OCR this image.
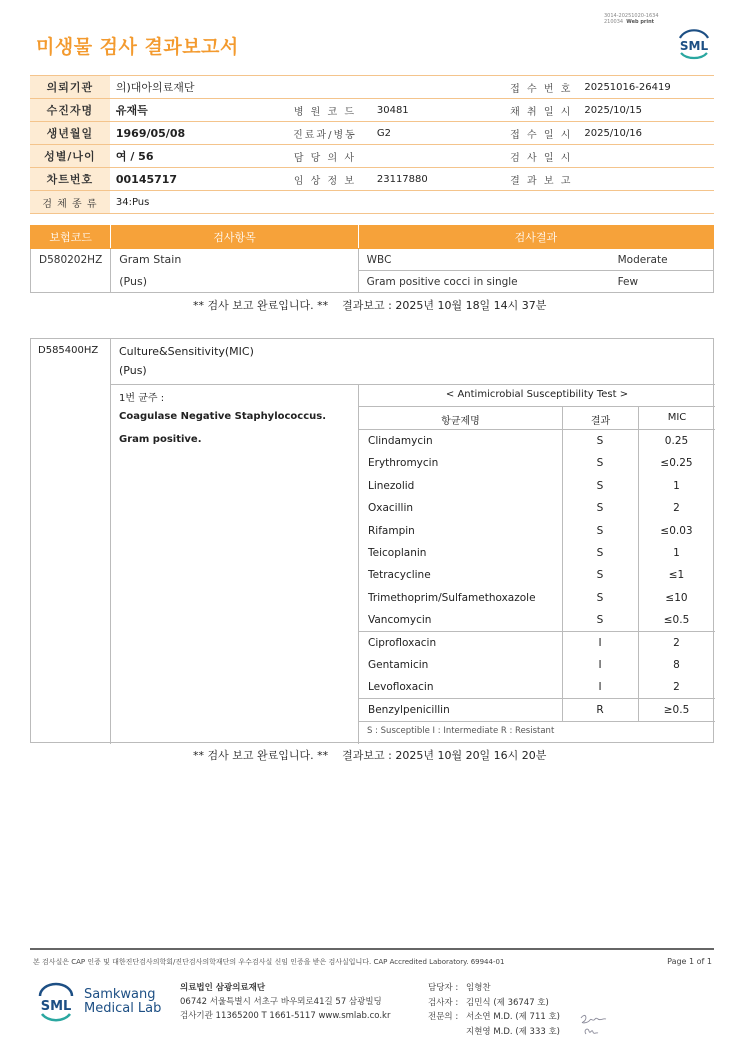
3014-20251020-1634
210034 Web print
미생물 검사 결과보고서	SML
의뢰기관	의)대아의료재단			접 수 번 호	20251016-26419
수진자명	유재득	병 원 코 드	30481	채 취 일 시	2025/10/15
생년월일	1969/05/08	진료과/병동	G2	접 수 일 시	2025/10/16
성별/나이	여 / 56	담 당 의 사		검 사 일 시	
차트번호	00145717	임 상 정 보	23117880	결 과 보 고	
검 체 종 류	34:Pus				
보험코드	검사항목	검사결과	
D580202HZ	Gram Stain	WBC	Moderate
	(Pus)	Gram positive cocci in single	Few
** 검사 보고 완료입니다. ** 결과보고 : 2025년 10월 18일 14시 37분
D585400HZ Culture&Sensitivity(MIC)
(Pus)
1번 균주 :
Coagulase Negative Staphylococcus.
Gram positive.
< Antimicrobial Susceptibility Test >
항균제명	결과	MIC
Clindamycin	S	0.25
Erythromycin	S	≤0.25
Linezolid	S	1
Oxacillin	S	2
Rifampin	S	≤0.03
Teicoplanin	S	1
Tetracycline	S	≤1
Trimethoprim/Sulfamethoxazole	S	≤10
Vancomycin	S	≤0.5
Ciprofloxacin	I	2
Gentamicin	I	8
Levofloxacin	I	2
Benzylpenicillin	R	≥0.5
S : Susceptible I : Intermediate R : Resistant
** 검사 보고 완료입니다. ** 결과보고 : 2025년 10월 20일 16시 20분
본 검사실은 CAP 인증 및 대한진단검사의학회/진단검사의학재단의 우수검사실 신임 인증을 받은 검사실입니다. CAP Accredited Laboratory. 69944-01	Page 1 of 1
SML
Samkwang
Medical Lab
의료법인 삼광의료재단
06742 서울특별시 서초구 바우뫼로41길 57 삼광빌딩
검사기관 11365200 T 1661-5117 www.smlab.co.kr
담당자 : 임형찬
검사자 : 김민식 (제 36747 호)
전문의 : 서소연 M.D. (제 711 호)
지현영 M.D. (제 333 호)
